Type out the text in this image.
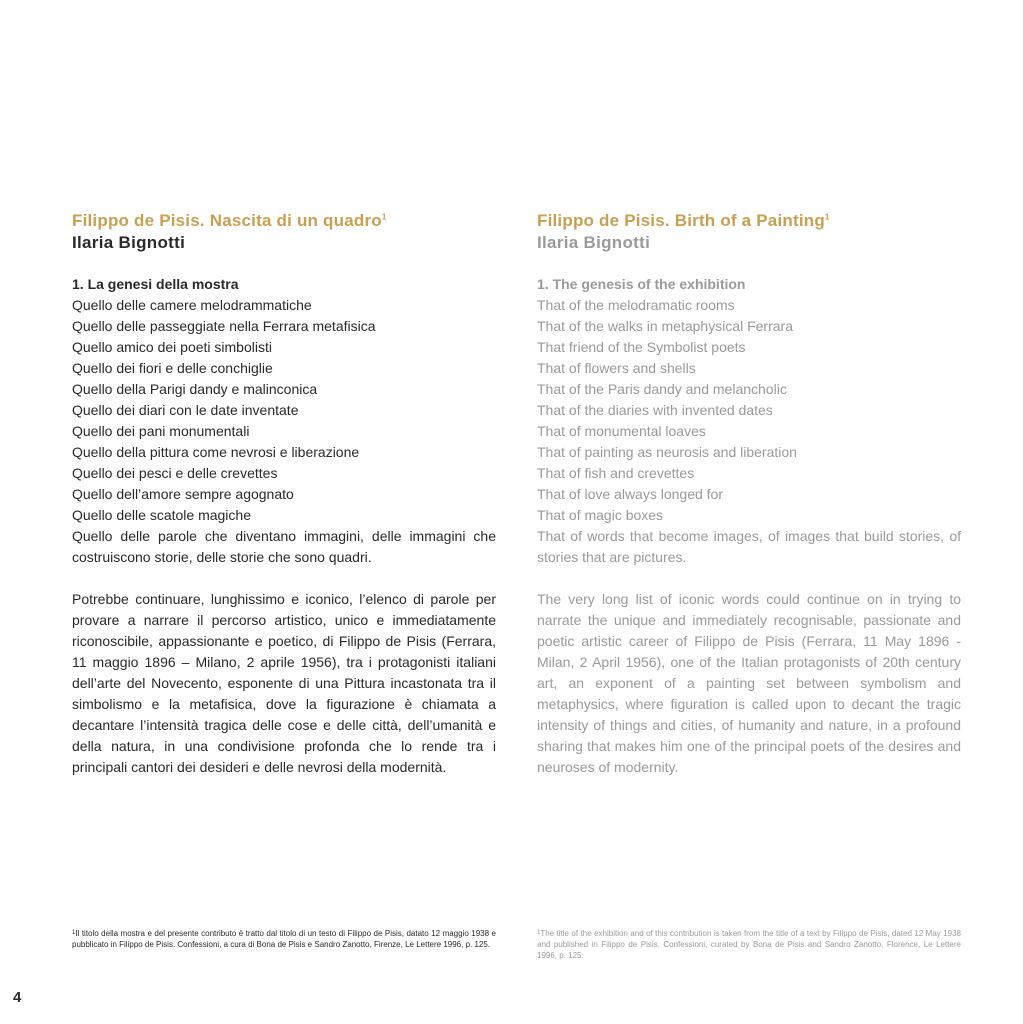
Filippo de Pisis. Nascita di un quadro$^1$
Ilaria Bignotti

1. La genesi della mostra

Quello delle camere melodrammatiche
Quello delle passeggiate nella Ferrara metafisica
Quello amico dei poeti simbolisti
Quello dei fiori e delle conchiglie
Quello della Parigi dandy e malinconica
Quello dei diari con le date inventate
Quello dei pani monumentali
Quello della pittura come nevrosi e liberazione
Quello dei pesci e delle crevettes
Quello dell’amore sempre agognato
Quello delle scatole magiche
Quello delle parole che diventano immagini, delle immagini che costruiscono storie, delle storie che sono quadri.

Potrebbe continuare, lunghissimo e iconico, l’elenco di parole per provare a narrare il percorso artistico, unico e immediatamente riconoscibile, appassionante e poetico, di Filippo de Pisis (Ferrara, 11 maggio 1896 – Milano, 2 aprile 1956), tra i protagonisti italiani dell’arte del Novecento, esponente di una Pittura incastonata tra il simbolismo e la metafisica, dove la figurazione è chiamata a decantare l’intensità tragica delle cose e delle città, dell’umanità e della natura, in una condivisione profonda che lo rende tra i principali cantori dei desideri e delle nevrosi della modernità.

Filippo de Pisis. Birth of a Painting$^1$
Ilaria Bignotti

1. The genesis of the exhibition

That of the melodramatic rooms
That of the walks in metaphysical Ferrara
That friend of the Symbolist poets
That of flowers and shells
That of the Paris dandy and melancholic
That of the diaries with invented dates
That of monumental loaves
That of painting as neurosis and liberation
That of fish and crevettes
That of love always longed for
That of magic boxes
That of words that become images, of images that build stories, of stories that are pictures.

The very long list of iconic words could continue on in trying to narrate the unique and immediately recognisable, passionate and poetic artistic career of Filippo de Pisis (Ferrara, 11 May 1896 - Milan, 2 April 1956), one of the Italian protagonists of 20th century art, an exponent of a painting set between symbolism and metaphysics, where figuration is called upon to decant the tragic intensity of things and cities, of humanity and nature, in a profound sharing that makes him one of the principal poets of the desires and neuroses of modernity.

$^1$Il titolo della mostra e del presente contributo è tratto dal titolo di un testo di Filippo de Pisis, datato 12 maggio 1938 e pubblicato in Filippo de Pisis. Confessioni, a cura di Bona de Pisis e Sandro Zanotto, Firenze, Le Lettere 1996, p. 125.
$^1$The title of the exhibition and of this contribution is taken from the title of a text by Filippo de Pisis, dated 12 May 1938 and published in Filippo de Pisis. Confessioni, curated by Bona de Pisis and Sandro Zanotto, Florence, Le Lettere 1996, p. 125.
4
